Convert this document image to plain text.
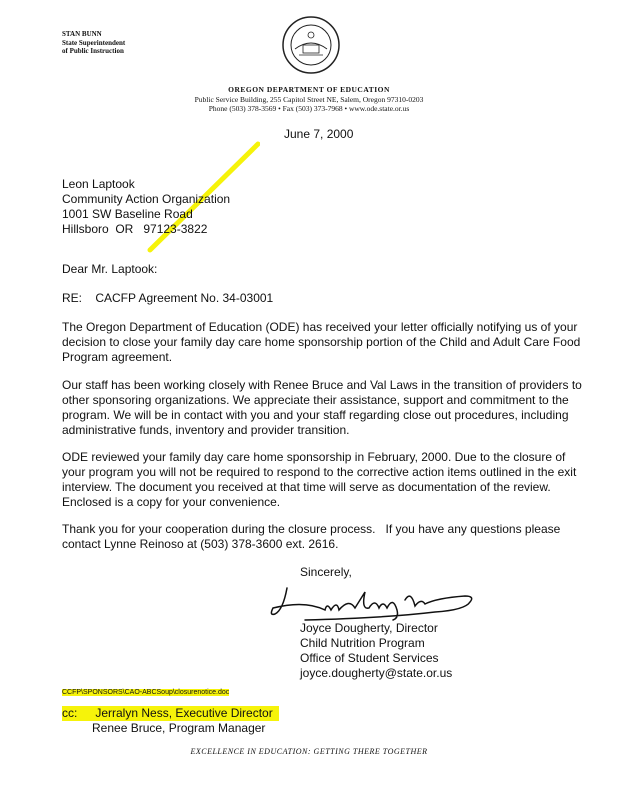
STAN BUNN
State Superintendent
of Public Instruction
OREGON DEPARTMENT OF EDUCATION
Public Service Building, 255 Capitol Street NE, Salem, Oregon 97310-0203
Phone (503) 378-3569 • Fax (503) 373-7968 • www.ode.state.or.us
June 7, 2000
Leon Laptook
Community Action Organization
1001 SW Baseline Road
Hillsboro  OR   97123-3822
Dear Mr. Laptook:
RE: CACFP Agreement No. 34-03001
The Oregon Department of Education (ODE) has received your letter officially notifying us of your decision to close your family day care home sponsorship portion of the Child and Adult Care Food Program agreement.
Our staff has been working closely with Renee Bruce and Val Laws in the transition of providers to other sponsoring organizations. We appreciate their assistance, support and commitment to the program. We will be in contact with you and your staff regarding close out procedures, including administrative funds, inventory and provider transition.
ODE reviewed your family day care home sponsorship in February, 2000. Due to the closure of your program you will not be required to respond to the corrective action items outlined in the exit interview. The document you received at that time will serve as documentation of the review. Enclosed is a copy for your convenience.
Thank you for your cooperation during the closure process.   If you have any questions please contact Lynne Reinoso at (503) 378-3600 ext. 2616.
Sincerely,
Joyce Dougherty, Director
Child Nutrition Program
Office of Student Services
joyce.dougherty@state.or.us
CCFP\SPONSORS\CAO-ABCSoup\closurenotice.doc
cc: Jerralyn Ness, Executive Director
Renee Bruce, Program Manager
EXCELLENCE IN EDUCATION: GETTING THERE TOGETHER
